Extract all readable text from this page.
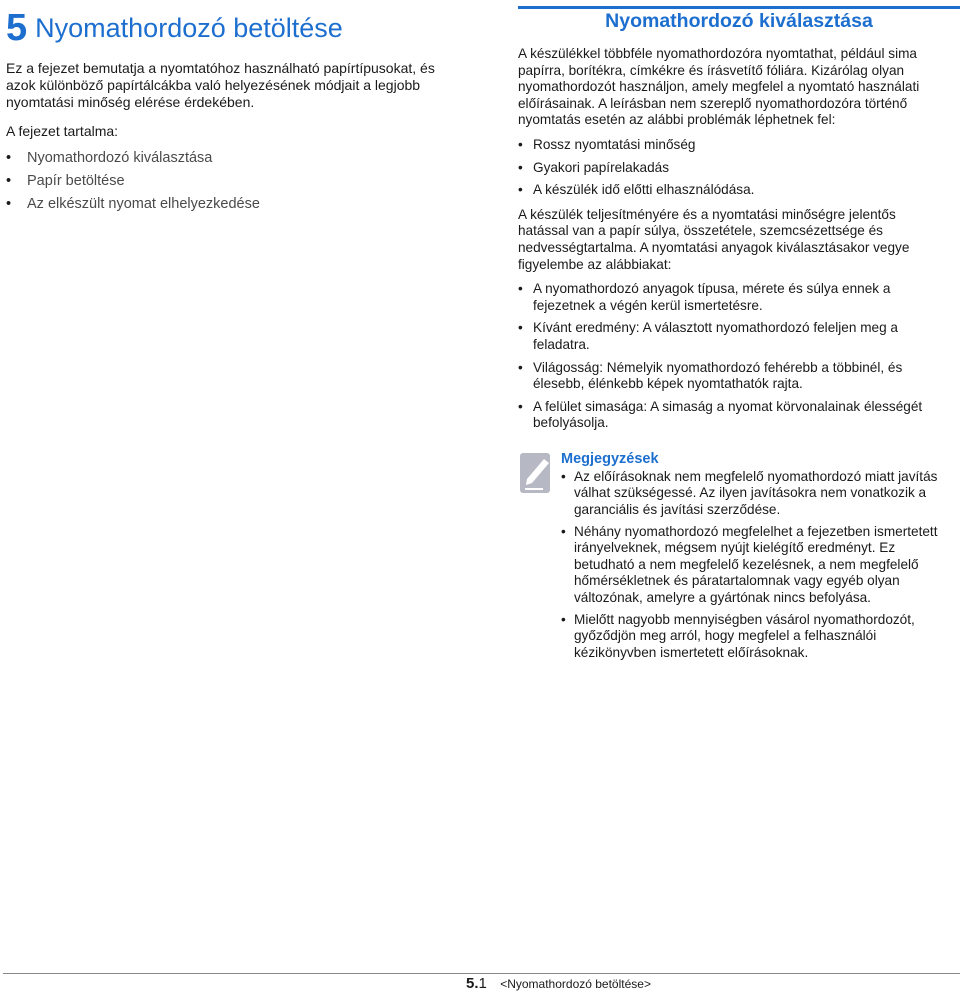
5 Nyomathordozó betöltése

Ez a fejezet bemutatja a nyomtatóhoz használható papírtípusokat, és azok különböző papírtálcákba való helyezésének módjait a legjobb nyomtatási minőség elérése érdekében.

A fejezet tartalma:

• Nyomathordozó kiválasztása
• Papír betöltése
• Az elkészült nyomat elhelyezkedése
Nyomathordozó kiválasztása

A készülékkel többféle nyomathordozóra nyomtathat, például sima papírra, borítékra, címkékre és írásvetítő fóliára. Kizárólag olyan nyomathordozót használjon, amely megfelel a nyomtató használati előírásainak. A leírásban nem szereplő nyomathordozóra történő nyomtatás esetén az alábbi problémák léphetnek fel:

• Rossz nyomtatási minőség
• Gyakori papírelakadás
• A készülék idő előtti elhasználódása.

A készülék teljesítményére és a nyomtatási minőségre jelentős hatással van a papír súlya, összetétele, szemcsézettsége és nedvességtartalma. A nyomtatási anyagok kiválasztásakor vegye figyelembe az alábbiakat:

• A nyomathordozó anyagok típusa, mérete és súlya ennek a fejezetnek a végén kerül ismertetésre.
• Kívánt eredmény: A választott nyomathordozó feleljen meg a feladatra.
• Világosság: Némelyik nyomathordozó fehérebb a többinél, és élesebb, élénkebb képek nyomtathatók rajta.
• A felület simasága: A simaság a nyomat körvonalainak élességét befolyásolja.

Megjegyzések

• Az előírásoknak nem megfelelő nyomathordozó miatt javítás válhat szükségessé. Az ilyen javításokra nem vonatkozik a garanciális és javítási szerződése.
• Néhány nyomathordozó megfelelhet a fejezetben ismertetett irányelveknek, mégsem nyújt kielégítő eredményt. Ez betudható a nem megfelelő kezelésnek, a nem megfelelő hőmérsékletnek és páratartalomnak vagy egyéb olyan változónak, amelyre a gyártónak nincs befolyása.
• Mielőtt nagyobb mennyiségben vásárol nyomathordozót, győződjön meg arról, hogy megfelel a felhasználói kézikönyvben ismertetett előírásoknak.
5.1 <Nyomathordozó betöltése>
